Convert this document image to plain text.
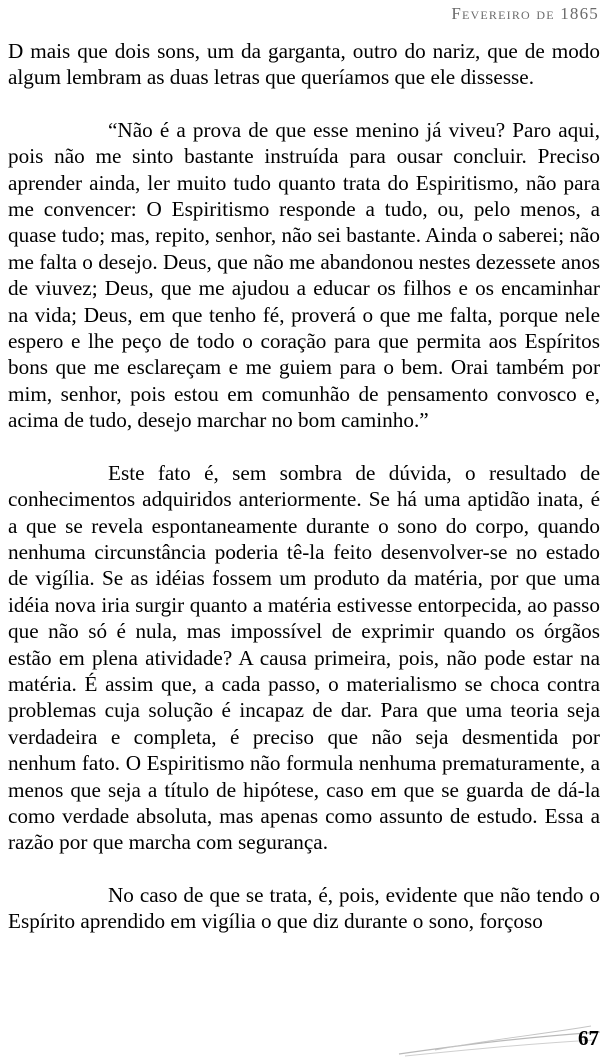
Fevereiro de 1865

D mais que dois sons, um da garganta, outro do nariz, que de modo algum lembram as duas letras que queríamos que ele dissesse.

“Não é a prova de que esse menino já viveu? Paro aqui, pois não me sinto bastante instruída para ousar concluir. Preciso aprender ainda, ler muito tudo quanto trata do Espiritismo, não para me convencer: O Espiritismo responde a tudo, ou, pelo menos, a quase tudo; mas, repito, senhor, não sei bastante. Ainda o saberei; não me falta o desejo. Deus, que não me abandonou nestes dezessete anos de viuvez; Deus, que me ajudou a educar os filhos e os encaminhar na vida; Deus, em que tenho fé, proverá o que me falta, porque nele espero e lhe peço de todo o coração para que permita aos Espíritos bons que me esclareçam e me guiem para o bem. Orai também por mim, senhor, pois estou em comunhão de pensamento convosco e, acima de tudo, desejo marchar no bom caminho.”

Este fato é, sem sombra de dúvida, o resultado de conhecimentos adquiridos anteriormente. Se há uma aptidão inata, é a que se revela espontaneamente durante o sono do corpo, quando nenhuma circunstância poderia tê-la feito desenvolver-se no estado de vigília. Se as idéias fossem um produto da matéria, por que uma idéia nova iria surgir quanto a matéria estivesse entorpecida, ao passo que não só é nula, mas impossível de exprimir quando os órgãos estão em plena atividade? A causa primeira, pois, não pode estar na matéria. É assim que, a cada passo, o materialismo se choca contra problemas cuja solução é incapaz de dar. Para que uma teoria seja verdadeira e completa, é preciso que não seja desmentida por nenhum fato. O Espiritismo não formula nenhuma prematuramente, a menos que seja a título de hipótese, caso em que se guarda de dá-la como verdade absoluta, mas apenas como assunto de estudo. Essa a razão por que marcha com segurança.

No caso de que se trata, é, pois, evidente que não tendo o Espírito aprendido em vigília o que diz durante o sono, forçoso

67
